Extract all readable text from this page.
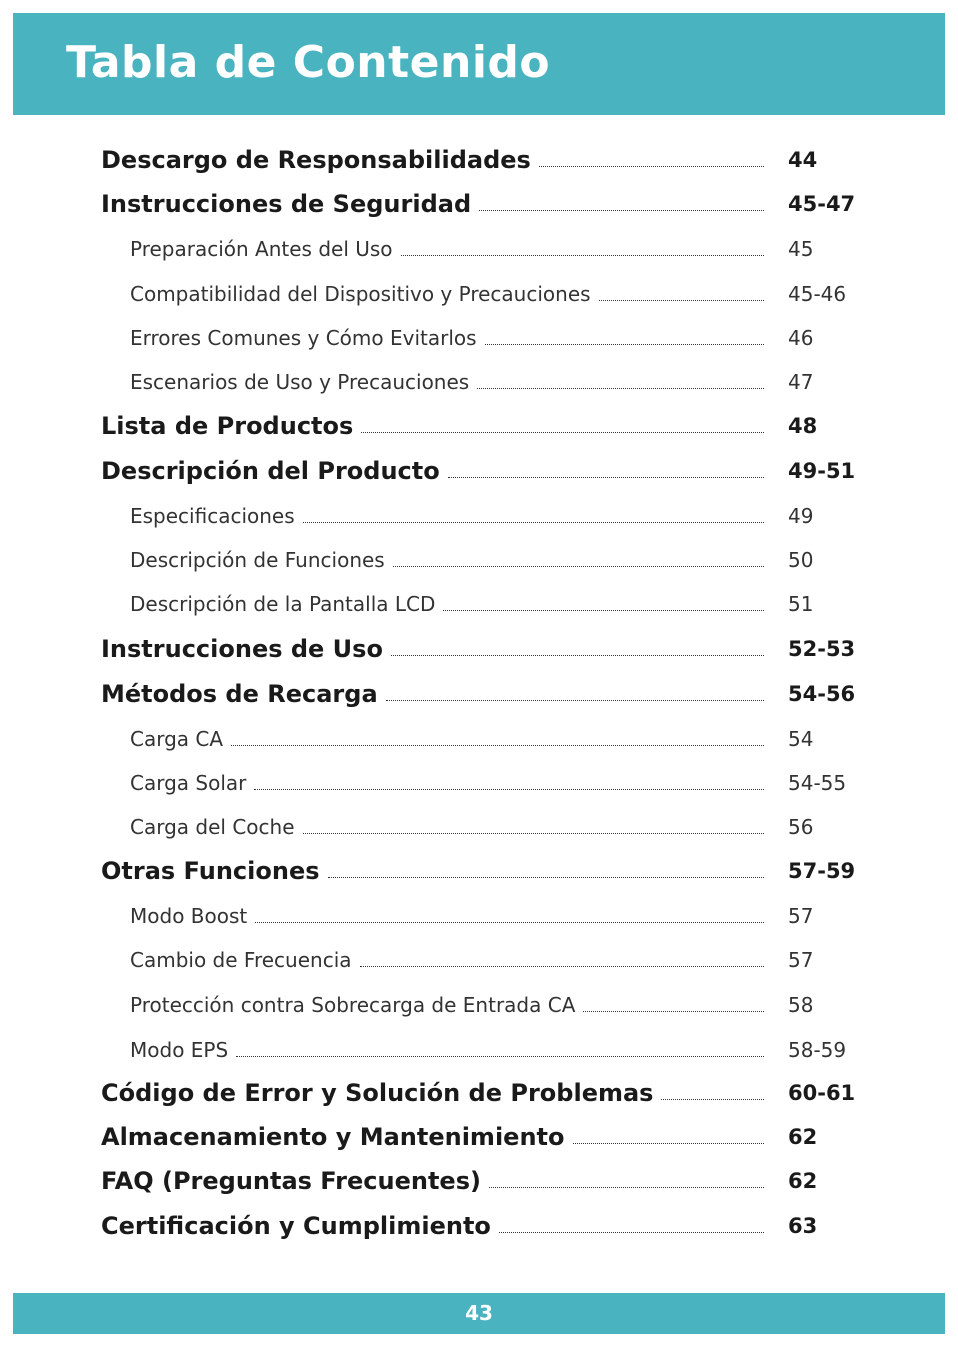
Tabla de Contenido
Descargo de Responsabilidades	44
Instrucciones de Seguridad	45-47
Preparación Antes del Uso	45
Compatibilidad del Dispositivo y Precauciones	45-46
Errores Comunes y Cómo Evitarlos	46
Escenarios de Uso y Precauciones	47
Lista de Productos	48
Descripción del Producto	49-51
Especificaciones	49
Descripción de Funciones	50
Descripción de la Pantalla LCD	51
Instrucciones de Uso	52-53
Métodos de Recarga	54-56
Carga CA	54
Carga Solar	54-55
Carga del Coche	56
Otras Funciones	57-59
Modo Boost	57
Cambio de Frecuencia	57
Protección contra Sobrecarga de Entrada CA	58
Modo EPS	58-59
Código de Error y Solución de Problemas	60-61
Almacenamiento y Mantenimiento	62
FAQ (Preguntas Frecuentes)	62
Certificación y Cumplimiento	63
43
